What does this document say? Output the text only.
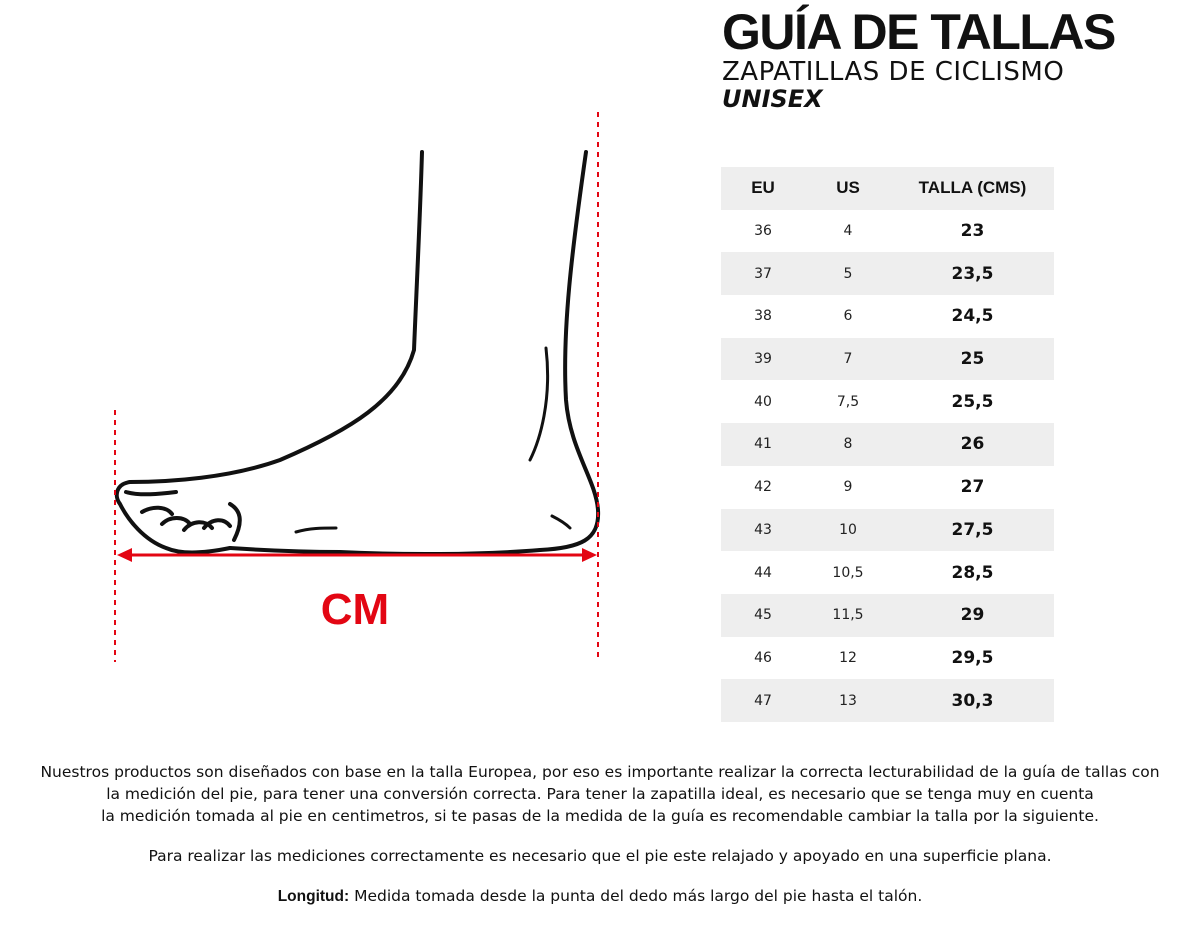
GUÍA DE TALLAS
ZAPATILLAS DE CICLISMO
UNISEX
CM
EU	US	TALLA (CMS)
36	4	23
37	5	23,5
38	6	24,5
39	7	25
40	7,5	25,5
41	8	26
42	9	27
43	10	27,5
44	10,5	28,5
45	11,5	29
46	12	29,5
47	13	30,3

Nuestros productos son diseñados con base en la talla Europea, por eso es importante realizar la correcta lecturabilidad de la guía de tallas con

la medición del pie, para tener una conversión correcta. Para tener la zapatilla ideal, es necesario que se tenga muy en cuenta

la medición tomada al pie en centimetros, si te pasas de la medida de la guía es recomendable cambiar la talla por la siguiente.

Para realizar las mediciones correctamente es necesario que el pie este relajado y apoyado en una superficie plana.

Longitud: Medida tomada desde la punta del dedo más largo del pie hasta el talón.
